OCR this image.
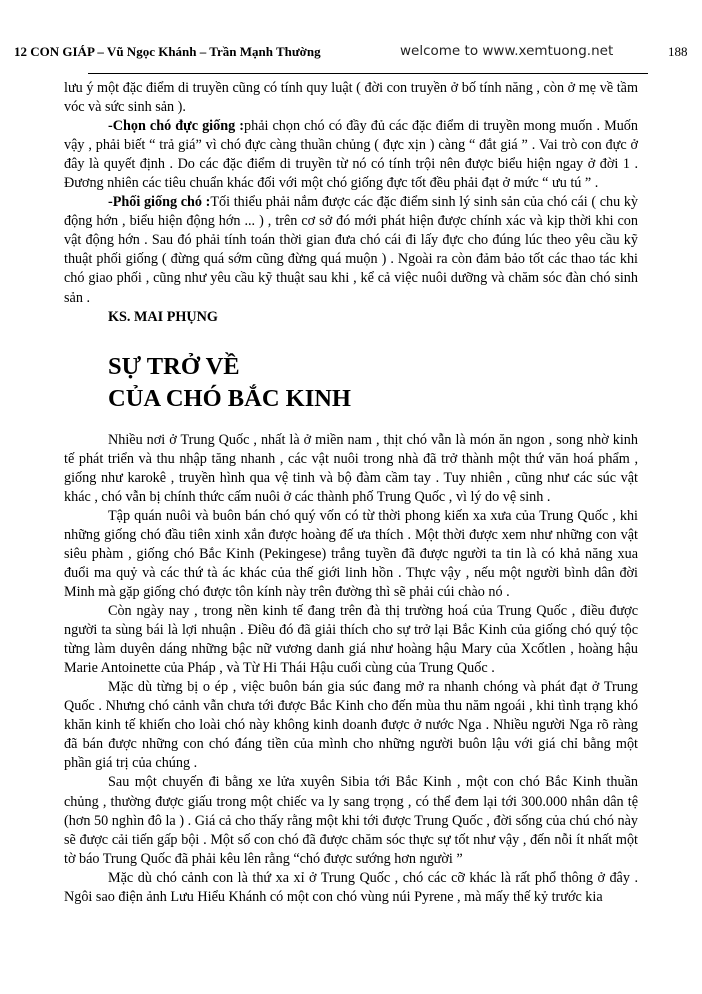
12 CON GIÁP – Vũ Ngọc Khánh – Trần Mạnh Thường	welcome to www.xemtuong.net	188

lưu ý một đặc điểm di truyền cũng có tính quy luật ( đời con truyền ở bố tính năng , còn ở mẹ về tầm vóc và sức sinh sản ).

-Chọn chó đực giống :phải chọn chó có đầy đủ các đặc điểm di truyền mong muốn . Muốn vậy , phải biết “ trả giá” vì chó đực càng thuần chủng ( đực xịn ) càng “ đắt giá ” . Vai trò con đực ở đây là quyết định . Do các đặc điểm di truyền từ nó có tính trội nên được biểu hiện ngay ở đời 1 . Đương nhiên các tiêu chuẩn khác đối với một chó giống đực tốt đều phải đạt ở mức “ ưu tú ” .

-Phối giống chó :Tối thiểu phải nắm được các đặc điểm sinh lý sinh sản của chó cái ( chu kỳ động hớn , biểu hiện động hớn ... ) , trên cơ sở đó mới phát hiện được chính xác và kịp thời khi con vật động hớn . Sau đó phải tính toán thời gian đưa chó cái đi lấy đực cho đúng lúc theo yêu cầu kỹ thuật phối giống ( đừng quá sớm cũng đừng quá muộn ) . Ngoài ra còn đảm bảo tốt các thao tác khi chó giao phối , cũng như yêu cầu kỹ thuật sau khi , kể cả việc nuôi dưỡng và chăm sóc đàn chó sinh sản .

KS. MAI PHỤNG

SỰ TRỞ VỀ
CỦA CHÓ BẮC KINH

Nhiều nơi ở Trung Quốc , nhất là ở miền nam , thịt chó vẫn là món ăn ngon , song nhờ kinh tế phát triển và thu nhập tăng nhanh , các vật nuôi trong nhà đã trở thành một thứ văn hoá phẩm , giống như karokê , truyền hình qua vệ tinh và bộ đàm cầm tay . Tuy nhiên , cũng như các súc vật khác , chó vẫn bị chính thức cấm nuôi ở các thành phố Trung Quốc , vì lý do vệ sinh .

Tập quán nuôi và buôn bán chó quý vốn có từ thời phong kiến xa xưa của Trung Quốc , khi những giống chó đầu tiên xinh xắn được hoàng đế ưa thích . Một thời được xem như những con vật siêu phàm , giống chó Bắc Kinh (Pekingese) trắng tuyền đã được người ta tin là có khả năng xua đuổi ma quỷ và các thứ tà ác khác của thế giới linh hồn . Thực vậy , nếu một người bình dân đời Minh mà gặp giống chó được tôn kính này trên đường thì sẽ phải cúi chào nó .

Còn ngày nay , trong nền kinh tế đang trên đà thị trường hoá của Trung Quốc , điều được người ta sùng bái là lợi nhuận . Điều đó đã giải thích cho sự trở lại Bắc Kinh của giống chó quý tộc từng làm duyên dáng những bậc nữ vương danh giá như hoàng hậu Mary của Xcốtlen , hoàng hậu Marie Antoinette của Pháp , và Từ Hi Thái Hậu cuối cùng của Trung Quốc .

Mặc dù từng bị o ép , việc buôn bán gia súc đang mở ra nhanh chóng và phát đạt ở Trung Quốc . Nhưng chó cảnh vẫn chưa tới được Bắc Kinh cho đến mùa thu năm ngoái , khi tình trạng khó khăn kinh tế khiến cho loài chó này không kinh doanh được ở nước Nga . Nhiều người Nga rõ ràng đã bán được những con chó đáng tiền của mình cho những người buôn lậu với giá chỉ bằng một phần giá trị của chúng .

Sau một chuyến đi bằng xe lửa xuyên Sibia tới Bắc Kinh , một con chó Bắc Kinh thuần chủng , thường được giấu trong một chiếc va ly sang trọng , có thể đem lại tới 300.000 nhân dân tệ (hơn 50 nghìn đô la ) . Giá cả cho thấy rằng một khi tới được Trung Quốc , đời sống của chú chó này sẽ được cải tiến gấp bội . Một số con chó đã được chăm sóc thực sự tốt như vậy , đến nỗi ít nhất một tờ báo Trung Quốc đã phải kêu lên rằng “chó được sướng hơn người ”

Mặc dù chó cảnh con là thứ xa xỉ ở Trung Quốc , chó các cỡ khác là rất phổ thông ở đây . Ngôi sao điện ảnh Lưu Hiểu Khánh có một con chó vùng núi Pyrene , mà mấy thế kỷ trước kia
